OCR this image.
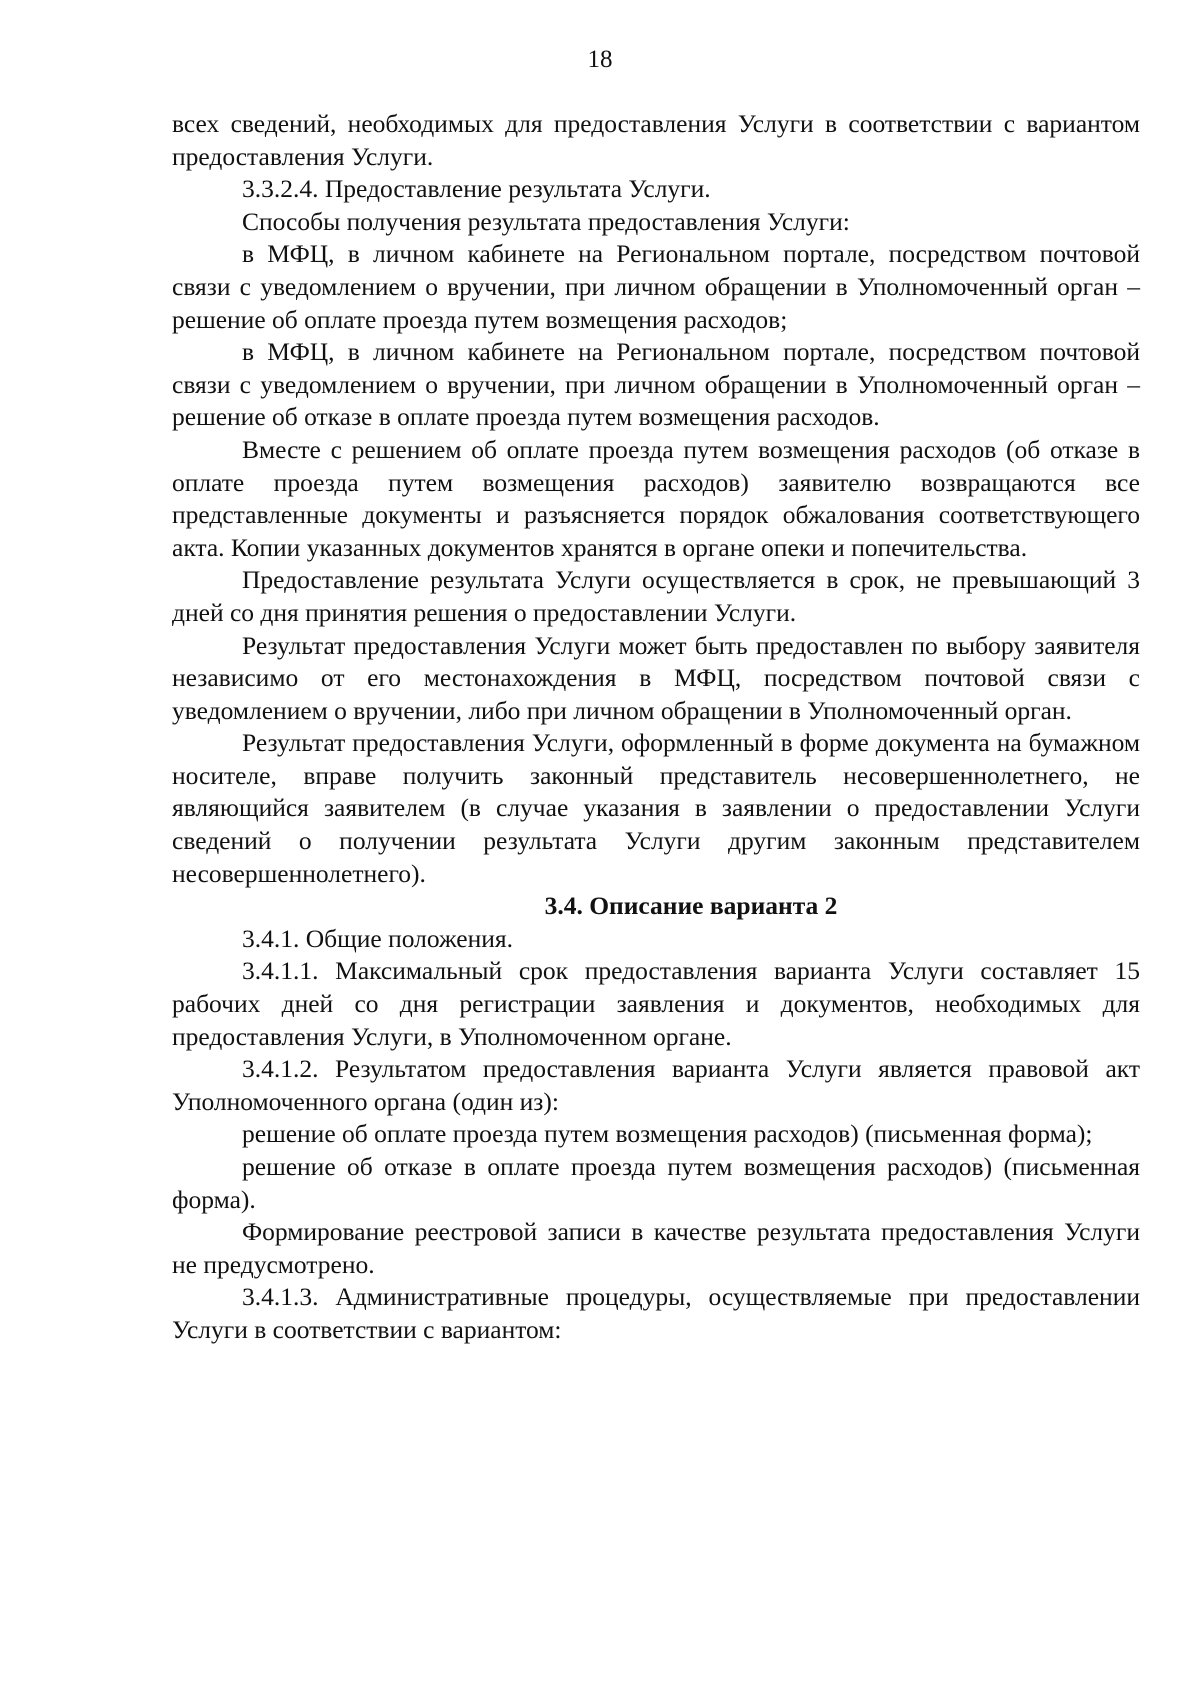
18

всех сведений, необходимых для предоставления Услуги в соответствии с вариантом предоставления Услуги.

3.3.2.4. Предоставление результата Услуги.

Способы получения результата предоставления Услуги:

в МФЦ, в личном кабинете на Региональном портале, посредством почтовой связи с уведомлением о вручении, при личном обращении в Уполномоченный орган – решение об оплате проезда путем возмещения расходов;

в МФЦ, в личном кабинете на Региональном портале, посредством почтовой связи с уведомлением о вручении, при личном обращении в Уполномоченный орган – решение об отказе в оплате проезда путем возмещения расходов.

Вместе с решением об оплате проезда путем возмещения расходов (об отказе в оплате проезда путем возмещения расходов) заявителю возвращаются все представленные документы и разъясняется порядок обжалования соответствующего акта. Копии указанных документов хранятся в органе опеки и попечительства.

Предоставление результата Услуги осуществляется в срок, не превышающий 3 дней со дня принятия решения о предоставлении Услуги.

Результат предоставления Услуги может быть предоставлен по выбору заявителя независимо от его местонахождения в МФЦ, посредством почтовой связи с уведомлением о вручении, либо при личном обращении в Уполномоченный орган.

Результат предоставления Услуги, оформленный в форме документа на бумажном носителе, вправе получить законный представитель несовершеннолетнего, не являющийся заявителем (в случае указания в заявлении о предоставлении Услуги сведений о получении результата Услуги другим законным представителем несовершеннолетнего).

3.4. Описание варианта 2

3.4.1. Общие положения.

3.4.1.1. Максимальный срок предоставления варианта Услуги составляет 15 рабочих дней со дня регистрации заявления и документов, необходимых для предоставления Услуги, в Уполномоченном органе.

3.4.1.2. Результатом предоставления варианта Услуги является правовой акт Уполномоченного органа (один из):

решение об оплате проезда путем возмещения расходов) (письменная форма);

решение об отказе в оплате проезда путем возмещения расходов) (письменная форма).

Формирование реестровой записи в качестве результата предоставления Услуги не предусмотрено.

3.4.1.3. Административные процедуры, осуществляемые при предоставлении Услуги в соответствии с вариантом:
